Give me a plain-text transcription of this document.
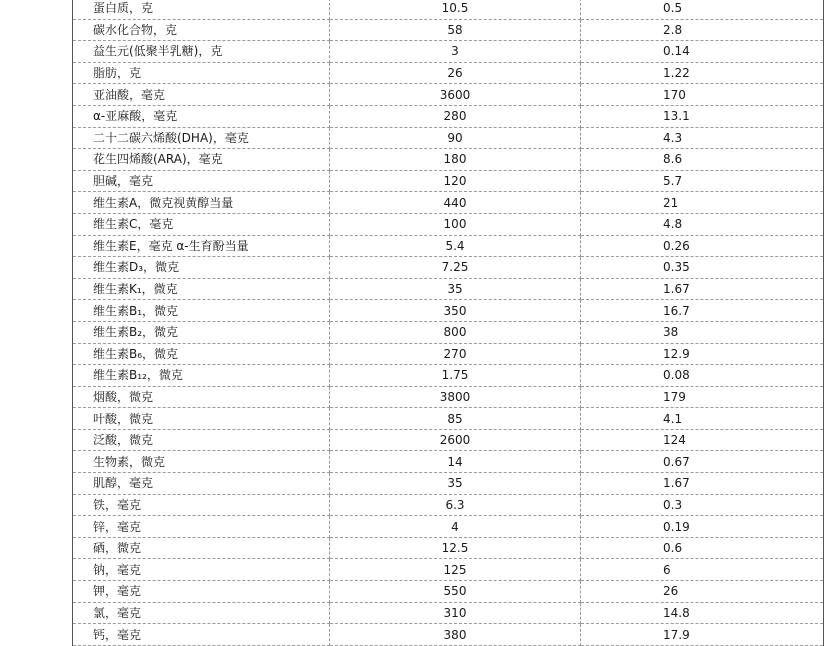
蛋白质，克	10.5	0.5
碳水化合物，克	58	2.8
益生元(低聚半乳糖)，克	3	0.14
脂肪，克	26	1.22
亚油酸，毫克	3600	170
α-亚麻酸，毫克	280	13.1
二十二碳六烯酸(DHA)，毫克	90	4.3
花生四烯酸(ARA)，毫克	180	8.6
胆碱，毫克	120	5.7
维生素A，微克视黄醇当量	440	21
维生素C，毫克	100	4.8
维生素E，毫克 α-生育酚当量	5.4	0.26
维生素D₃，微克	7.25	0.35
维生素K₁，微克	35	1.67
维生素B₁，微克	350	16.7
维生素B₂，微克	800	38
维生素B₆，微克	270	12.9
维生素B₁₂，微克	1.75	0.08
烟酸，微克	3800	179
叶酸，微克	85	4.1
泛酸，微克	2600	124
生物素，微克	14	0.67
肌醇，毫克	35	1.67
铁，毫克	6.3	0.3
锌，毫克	4	0.19
硒，微克	12.5	0.6
钠，毫克	125	6
钾，毫克	550	26
氯，毫克	310	14.8
钙，毫克	380	17.9
